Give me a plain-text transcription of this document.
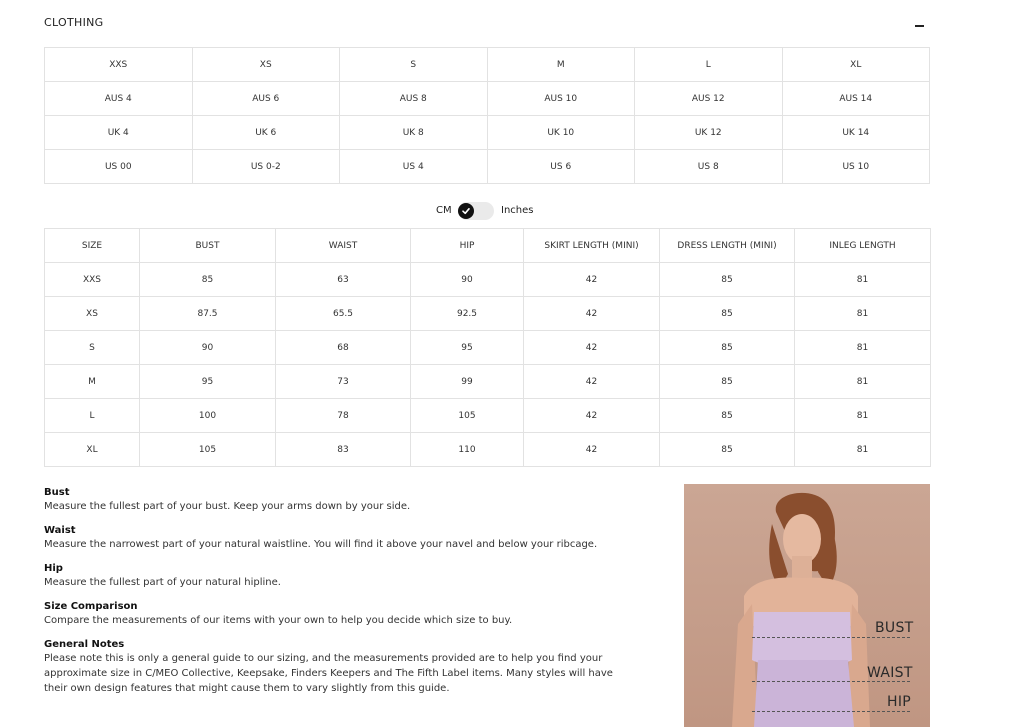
CLOTHING
XXS	XS	S	M	L	XL
AUS 4	AUS 6	AUS 8	AUS 10	AUS 12	AUS 14
UK 4	UK 6	UK 8	UK 10	UK 12	UK 14
US 00	US 0-2	US 4	US 6	US 8	US 10
CM	Inches
SIZE	BUST	WAIST	HIP	SKIRT LENGTH (MINI)	DRESS LENGTH (MINI)	INLEG LENGTH
XXS	85	63	90	42	85	81
XS	87.5	65.5	92.5	42	85	81
S	90	68	95	42	85	81
M	95	73	99	42	85	81
L	100	78	105	42	85	81
XL	105	83	110	42	85	81
Bust
Measure the fullest part of your bust. Keep your arms down by your side.
Waist
Measure the narrowest part of your natural waistline. You will find it above your navel and below your ribcage.
Hip
Measure the fullest part of your natural hipline.
Size Comparison
Compare the measurements of our items with your own to help you decide which size to buy.
General Notes
Please note this is only a general guide to our sizing, and the measurements provided are to help you find your approximate size in C/MEO Collective, Keepsake, Finders Keepers and The Fifth Label items. Many styles will have their own design features that might cause them to vary slightly from this guide.
BUST
WAIST
HIP
